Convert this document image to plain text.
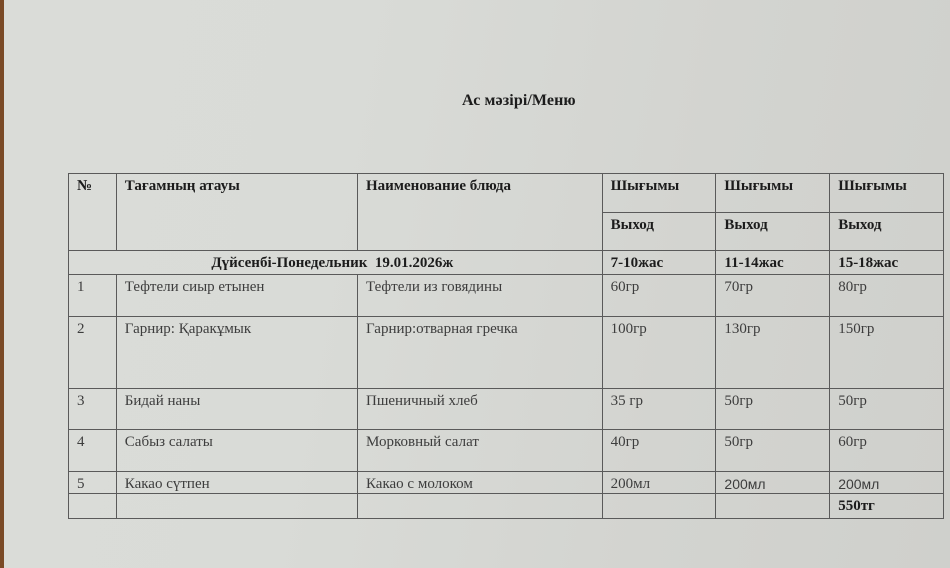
Ас мәзірі/Меню
№	Тағамның атауы	Наименование блюда	Шығымы	Шығымы	Шығымы
			Выход	Выход	Выход
Дүйсенбі-Понедельник  19.01.2026ж			7-10жас	11-14жас	15-18жас
1	Тефтели сиыр етынен	Тефтели из говядины	60гр	70гр	80гр
2	Гарнир: Қаракұмык	Гарнир:отварная гречка	100гр	130гр	150гр
3	Бидай наны	Пшеничный хлеб	35 гр	50гр	50гр
4	Сабыз салаты	Морковный салат	40гр	50гр	60гр
5	Какао сүтпен	Какао с молоком	200мл	200мл	200мл
					550тг
